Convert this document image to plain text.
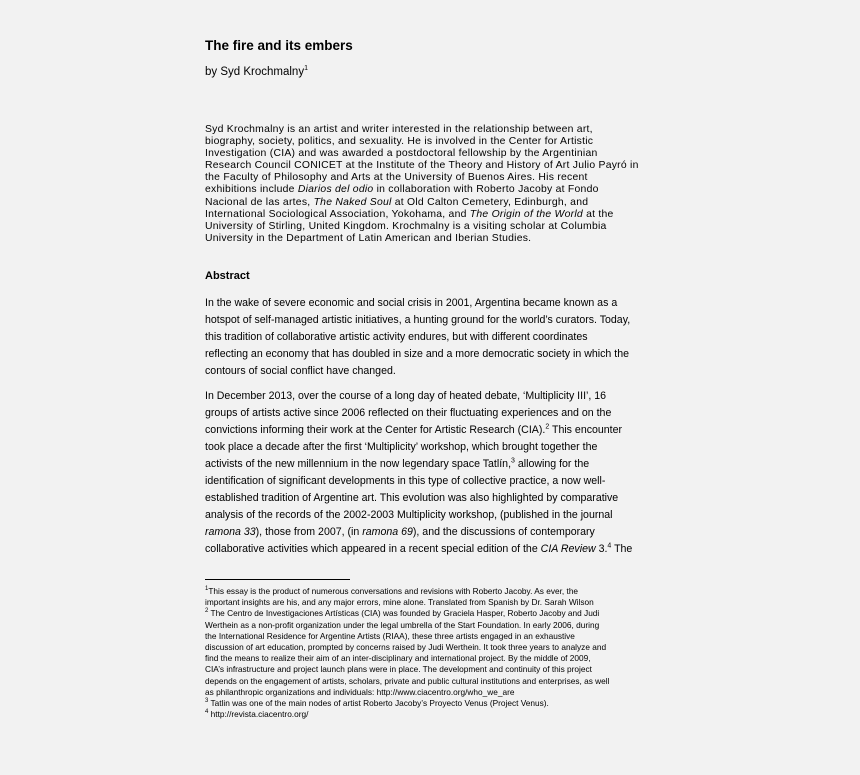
The fire and its embers
by Syd Krochmalny$^1$
Syd Krochmalny is an artist and writer interested in the relationship between art,
biography, society, politics, and sexuality. He is involved in the Center for Artistic
Investigation (CIA) and was awarded a postdoctoral fellowship by the Argentinian
Research Council CONICET at the Institute of the Theory and History of Art Julio Payró in
the Faculty of Philosophy and Arts at the University of Buenos Aires. His recent
exhibitions include Diarios del odio in collaboration with Roberto Jacoby at Fondo
Nacional de las artes, The Naked Soul at Old Calton Cemetery, Edinburgh, and
International Sociological Association, Yokohama, and The Origin of the World at the
University of Stirling, United Kingdom. Krochmalny is a visiting scholar at Columbia
University in the Department of Latin American and Iberian Studies.
Abstract
In the wake of severe economic and social crisis in 2001, Argentina became known as a
hotspot of self-managed artistic initiatives, a hunting ground for the world’s curators. Today,
this tradition of collaborative artistic activity endures, but with different coordinates
reflecting an economy that has doubled in size and a more democratic society in which the
contours of social conflict have changed.
In December 2013, over the course of a long day of heated debate, ‘Multiplicity III’, 16
groups of artists active since 2006 reflected on their fluctuating experiences and on the
convictions informing their work at the Center for Artistic Research (CIA).$^2$ This encounter
took place a decade after the first ‘Multiplicity’ workshop, which brought together the
activists of the new millennium in the now legendary space Tatlín,$^3$ allowing for the
identification of significant developments in this type of collective practice, a now well-
established tradition of Argentine art. This evolution was also highlighted by comparative
analysis of the records of the 2002-2003 Multiplicity workshop, (published in the journal
ramona 33), those from 2007, (in ramona 69), and the discussions of contemporary
collaborative activities which appeared in a recent special edition of the CIA Review 3.$^4$ The
$^1$This essay is the product of numerous conversations and revisions with Roberto Jacoby. As ever, the
important insights are his, and any major errors, mine alone. Translated from Spanish by Dr. Sarah Wilson
$^2$ The Centro de Investigaciones Artísticas (CIA) was founded by Graciela Hasper, Roberto Jacoby and Judi
Werthein as a non-profit organization under the legal umbrella of the Start Foundation. In early 2006, during
the International Residence for Argentine Artists (RIAA), these three artists engaged in an exhaustive
discussion of art education, prompted by concerns raised by Judi Werthein. It took three years to analyze and
find the means to realize their aim of an inter-disciplinary and international project. By the middle of 2009,
CIA’s infrastructure and project launch plans were in place. The development and continuity of this project
depends on the engagement of artists, scholars, private and public cultural institutions and enterprises, as well
as philanthropic organizations and individuals: http://www.ciacentro.org/who_we_are
$^3$ Tatlin was one of the main nodes of artist Roberto Jacoby’s Proyecto Venus (Project Venus).
$^4$ http://revista.ciacentro.org/
